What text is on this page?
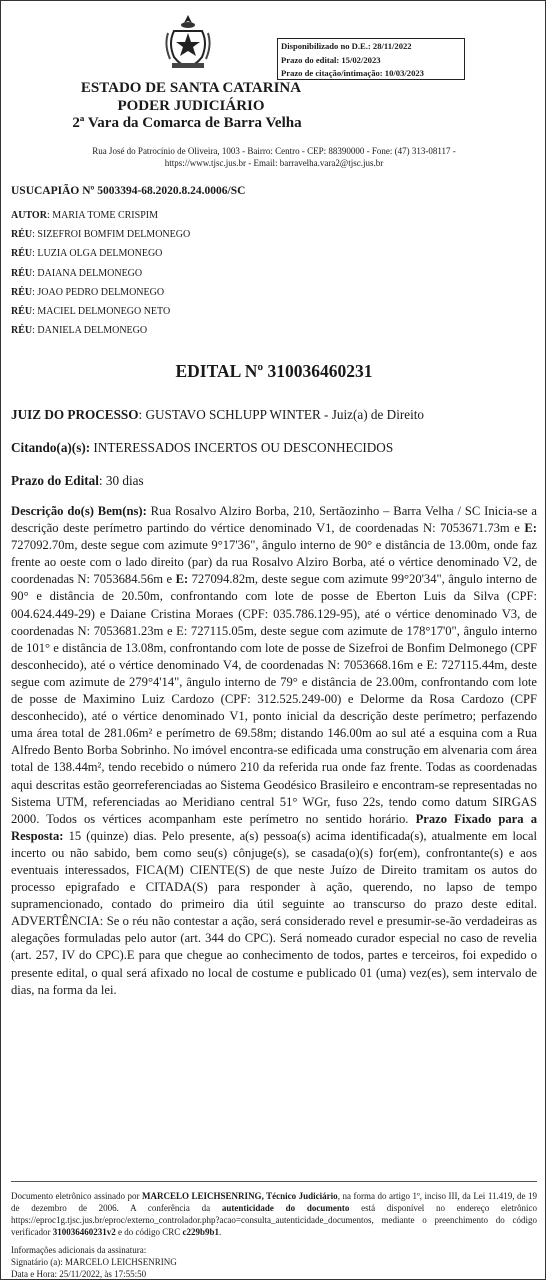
Disponibilizado no D.E.: 28/11/2022
Prazo do edital: 15/02/2023
Prazo de citação/intimação: 10/03/2023
ESTADO DE SANTA CATARINA
PODER JUDICIÁRIO
2ª Vara da Comarca de Barra Velha
Rua José do Patrocínio de Oliveira, 1003 - Bairro: Centro - CEP: 88390000 - Fone: (47) 313-08117 -
https://www.tjsc.jus.br - Email: barravelha.vara2@tjsc.jus.br
USUCAPIÃO Nº 5003394-68.2020.8.24.0006/SC
AUTOR: MARIA TOME CRISPIM
RÉU: SIZEFROI BOMFIM DELMONEGO
RÉU: LUZIA OLGA DELMONEGO
RÉU: DAIANA DELMONEGO
RÉU: JOAO PEDRO DELMONEGO
RÉU: MACIEL DELMONEGO NETO
RÉU: DANIELA DELMONEGO
EDITAL Nº 310036460231
JUIZ DO PROCESSO: GUSTAVO SCHLUPP WINTER - Juiz(a) de Direito
Citando(a)(s): INTERESSADOS INCERTOS OU DESCONHECIDOS
Prazo do Edital: 30 dias
Descrição do(s) Bem(ns): Rua Rosalvo Alziro Borba, 210, Sertãozinho – Barra Velha / SC Inicia-se a descrição deste perímetro partindo do vértice denominado V1, de coordenadas N: 7053671.73m e E: 727092.70m, deste segue com azimute 9°17'36", ângulo interno de 90° e distância de 13.00m, onde faz frente ao oeste com o lado direito (par) da rua Rosalvo Alziro Borba, até o vértice denominado V2, de coordenadas N: 7053684.56m e E: 727094.82m, deste segue com azimute 99°20'34", ângulo interno de 90° e distância de 20.50m, confrontando com lote de posse de Eberton Luis da Silva (CPF: 004.624.449-29) e Daiane Cristina Moraes (CPF: 035.786.129-95), até o vértice denominado V3, de coordenadas N: 7053681.23m e E: 727115.05m, deste segue com azimute de 178°17'0", ângulo interno de 101° e distância de 13.08m, confrontando com lote de posse de Sizefroi de Bonfim Delmonego (CPF desconhecido), até o vértice denominado V4, de coordenadas N: 7053668.16m e E: 727115.44m, deste segue com azimute de 279°4'14", ângulo interno de 79° e distância de 23.00m, confrontando com lote de posse de Maximino Luiz Cardozo (CPF: 312.525.249-00) e Delorme da Rosa Cardozo (CPF desconhecido), até o vértice denominado V1, ponto inicial da descrição deste perímetro; perfazendo uma área total de 281.06m² e perímetro de 69.58m; distando 146.00m ao sul até a esquina com a Rua Alfredo Bento Borba Sobrinho. No imóvel encontra-se edificada uma construção em alvenaria com área total de 138.44m², tendo recebido o número 210 da referida rua onde faz frente. Todas as coordenadas aqui descritas estão georreferenciadas ao Sistema Geodésico Brasileiro e encontram-se representadas no Sistema UTM, referenciadas ao Meridiano central 51° WGr, fuso 22s, tendo como datum SIRGAS 2000. Todos os vértices acompanham este perímetro no sentido horário. Prazo Fixado para a Resposta: 15 (quinze) dias. Pelo presente, a(s) pessoa(s) acima identificada(s), atualmente em local incerto ou não sabido, bem como seu(s) cônjuge(s), se casada(o)(s) for(em), confrontante(s) e aos eventuais interessados, FICA(M) CIENTE(S) de que neste Juízo de Direito tramitam os autos do processo epigrafado e CITADA(S) para responder à ação, querendo, no lapso de tempo supramencionado, contado do primeiro dia útil seguinte ao transcurso do prazo deste edital. ADVERTÊNCIA: Se o réu não contestar a ação, será considerado revel e presumir-se-ão verdadeiras as alegações formuladas pelo autor (art. 344 do CPC). Será nomeado curador especial no caso de revelia (art. 257, IV do CPC).E para que chegue ao conhecimento de todos, partes e terceiros, foi expedido o presente edital, o qual será afixado no local de costume e publicado 01 (uma) vez(es), sem intervalo de dias, na forma da lei.
Documento eletrônico assinado por MARCELO LEICHSENRING, Técnico Judiciário, na forma do artigo 1º, inciso III, da Lei 11.419, de 19 de dezembro de 2006. A conferência da autenticidade do documento está disponível no endereço eletrônico https://eproc1g.tjsc.jus.br/eproc/externo_controlador.php?acao=consulta_autenticidade_documentos, mediante o preenchimento do código verificador 310036460231v2 e do código CRC c229b9b1.
Informações adicionais da assinatura:
Signatário (a): MARCELO LEICHSENRING
Data e Hora: 25/11/2022, às 17:55:50
